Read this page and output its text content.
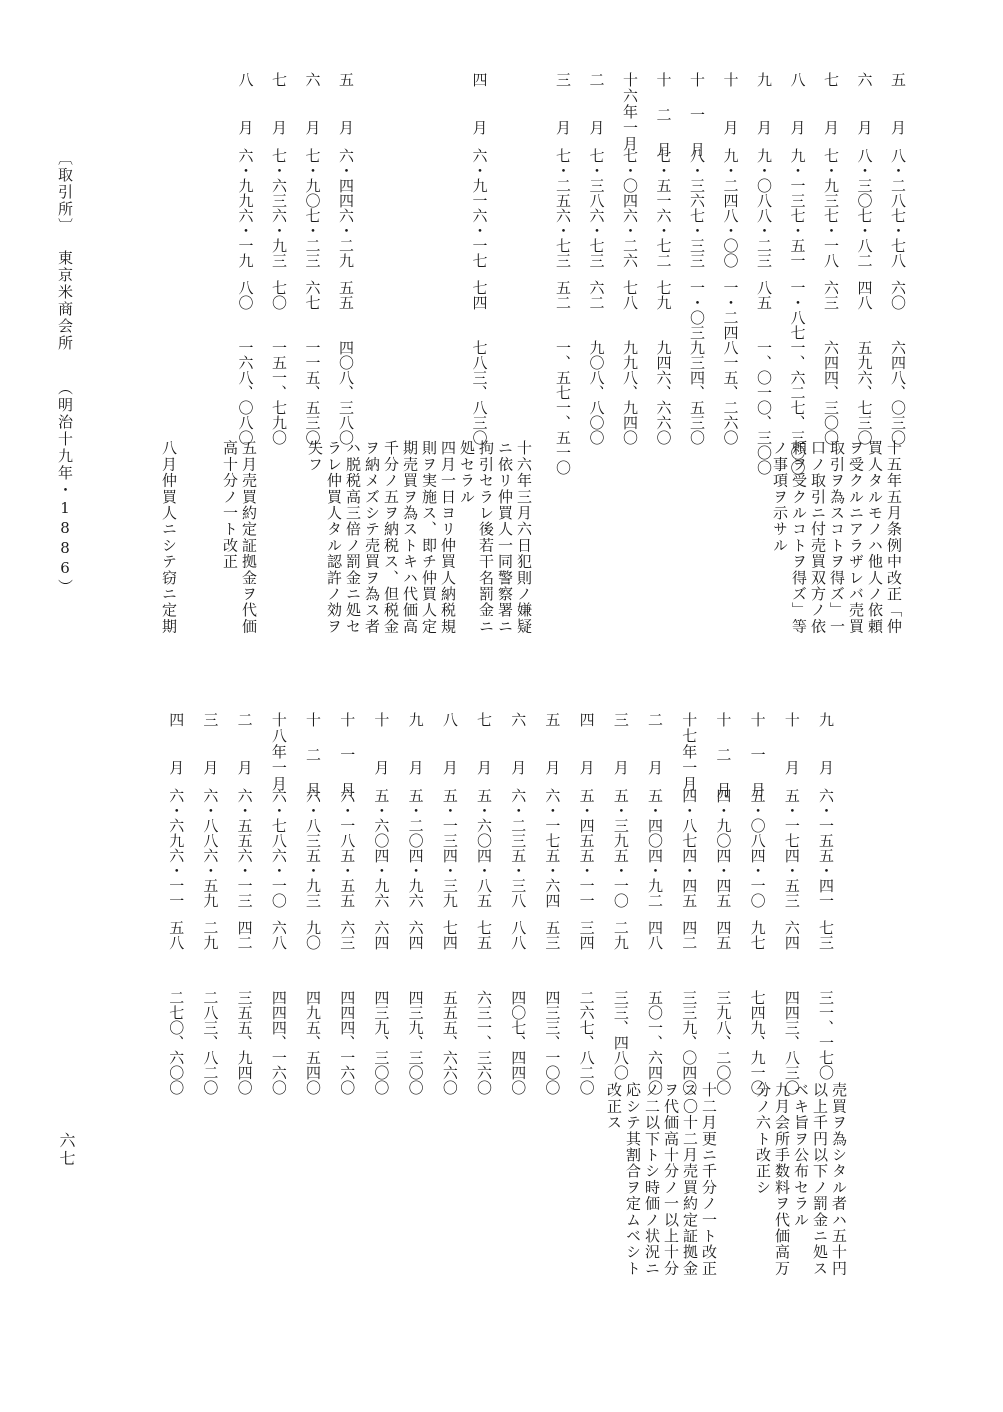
五　　月
八・二八
七・七八
六〇
六四八、〇三〇
六　　月
八・三〇
七・八二
四八
五九六、七三〇
七　　月
七・九三
七・一八
六三
六四四、三〇〇
八　　月
九・一三
七・五一
一・八七
一、六二七、三〇〇
九　　月
九・〇八
八・二三
八五
一、〇一〇、三〇〇
十　　月
九・二四
八・〇〇
一・二四
八一五、二六〇
十 一 月
八・三六
七・三三
一・〇三
九三四、五三〇
十 二 月
七・五一
六・七二
七九
九四六、六六〇
十六年一月
七・〇四
六・二六
七八
九九八、九四〇
二　　月
七・三八
六・七三
六二
九〇八、八〇〇
三　　月
七・二五
六・七三
五二
一、五七一、五一〇
四　　月
六・九一
六・一七
七四
七八三、八三〇
五　　月
六・四四
六・二九
五五
四〇八、三八〇
六　　月
七・九〇
七・二三
六七
一一五、五三〇
七　　月
七・六三
六・九三
七〇
一五一、七九〇
八　　月
六・九九
六・一九
八〇
一六八、〇八〇
九　　月
六・一五
五・四一
七三
三一、一七〇
十　　月
五・一七
四・五三
六四
四四三、八三〇
十 一 月
五・〇八
四・一〇
九七
七四九、九一〇
十 二 月
四・九〇
四・四五
四五
三九八、二〇〇
十七年一月
四・八七
四・四五
四二
三三九、〇四〇
二　　月
五・四〇
四・九二
四八
五〇一、六四〇
三　　月
五・三九
五・一〇
二九
三三、四八〇
四　　月
五・四五
五・一一
三四
二六七、八二〇
五　　月
六・一七
五・六四
五三
四三三、一〇〇
六　　月
六・二三
五・三八
八八
四〇七、四四〇
七　　月
五・六〇
四・八五
七五
六三一、三六〇
八　　月
五・一三
四・三九
七四
五五五、六六〇
九　　月
五・二〇
四・九六
六四
四三九、三〇〇
十　　月
五・六〇
四・九六
六四
四三九、三〇〇
十 一 月
六・一八
五・五五
六三
四四四、一六〇
十 二 月
六・八三
五・九三
九〇
四九五、五四〇
十八年一月
六・七八
六・一〇
六八
四四四、一六〇
二　　月
六・五五
六・一三
四二
三五五、九四〇
三　　月
六・八八
六・五九
二九
二八三、八二〇
四　　月
六・六九
六・一一
五八
二七〇、六〇〇
十五年五月条例中改正「仲
買人タルモノハ他人ノ依頼
ヲ受クルニアラザレバ売買
取引ヲ為スコトヲ得ズ」一
口ノ取引ニ付売買双方ノ依
頼ヲ受クルコトヲ得ズ」等
ノ事項ヲ示サル
十六年三月六日犯則ノ嫌疑
ニ依リ仲買人一同警察署ニ
拘引セラレ後若干名罰金ニ
処セラル
四月一日ヨリ仲買人納税規
則ヲ実施ス、即チ仲買人定
期売買ヲ為ストキハ代価高
千分ノ五ヲ納税ス、但税金
ヲ納メズシテ売買ヲ為ス者
ハ脱税高三倍ノ罰金ニ処セ
ラレ仲買人タル認許ノ効ヲ
失フ
五月売買約定証拠金ヲ代価
高十分ノ一ト改正
八月仲買人ニシテ窃ニ定期
売買ヲ為シタル者ハ五十円
以上千円以下ノ罰金ニ処ス
ベキ旨ヲ公布セラル
九月会所手数料ヲ代価高万
分ノ六ト改正シ
十二月更ニ千分ノ一ト改正
ス〇十二月売買約定証拠金
ヲ代価高十分ノ一以上十分
ノ二以下トシ時価ノ状況ニ
応シテ其割合ヲ定ムベシト
改正ス
〔取引所〕
東京米商会所
（明治十九年・1886）
六七
